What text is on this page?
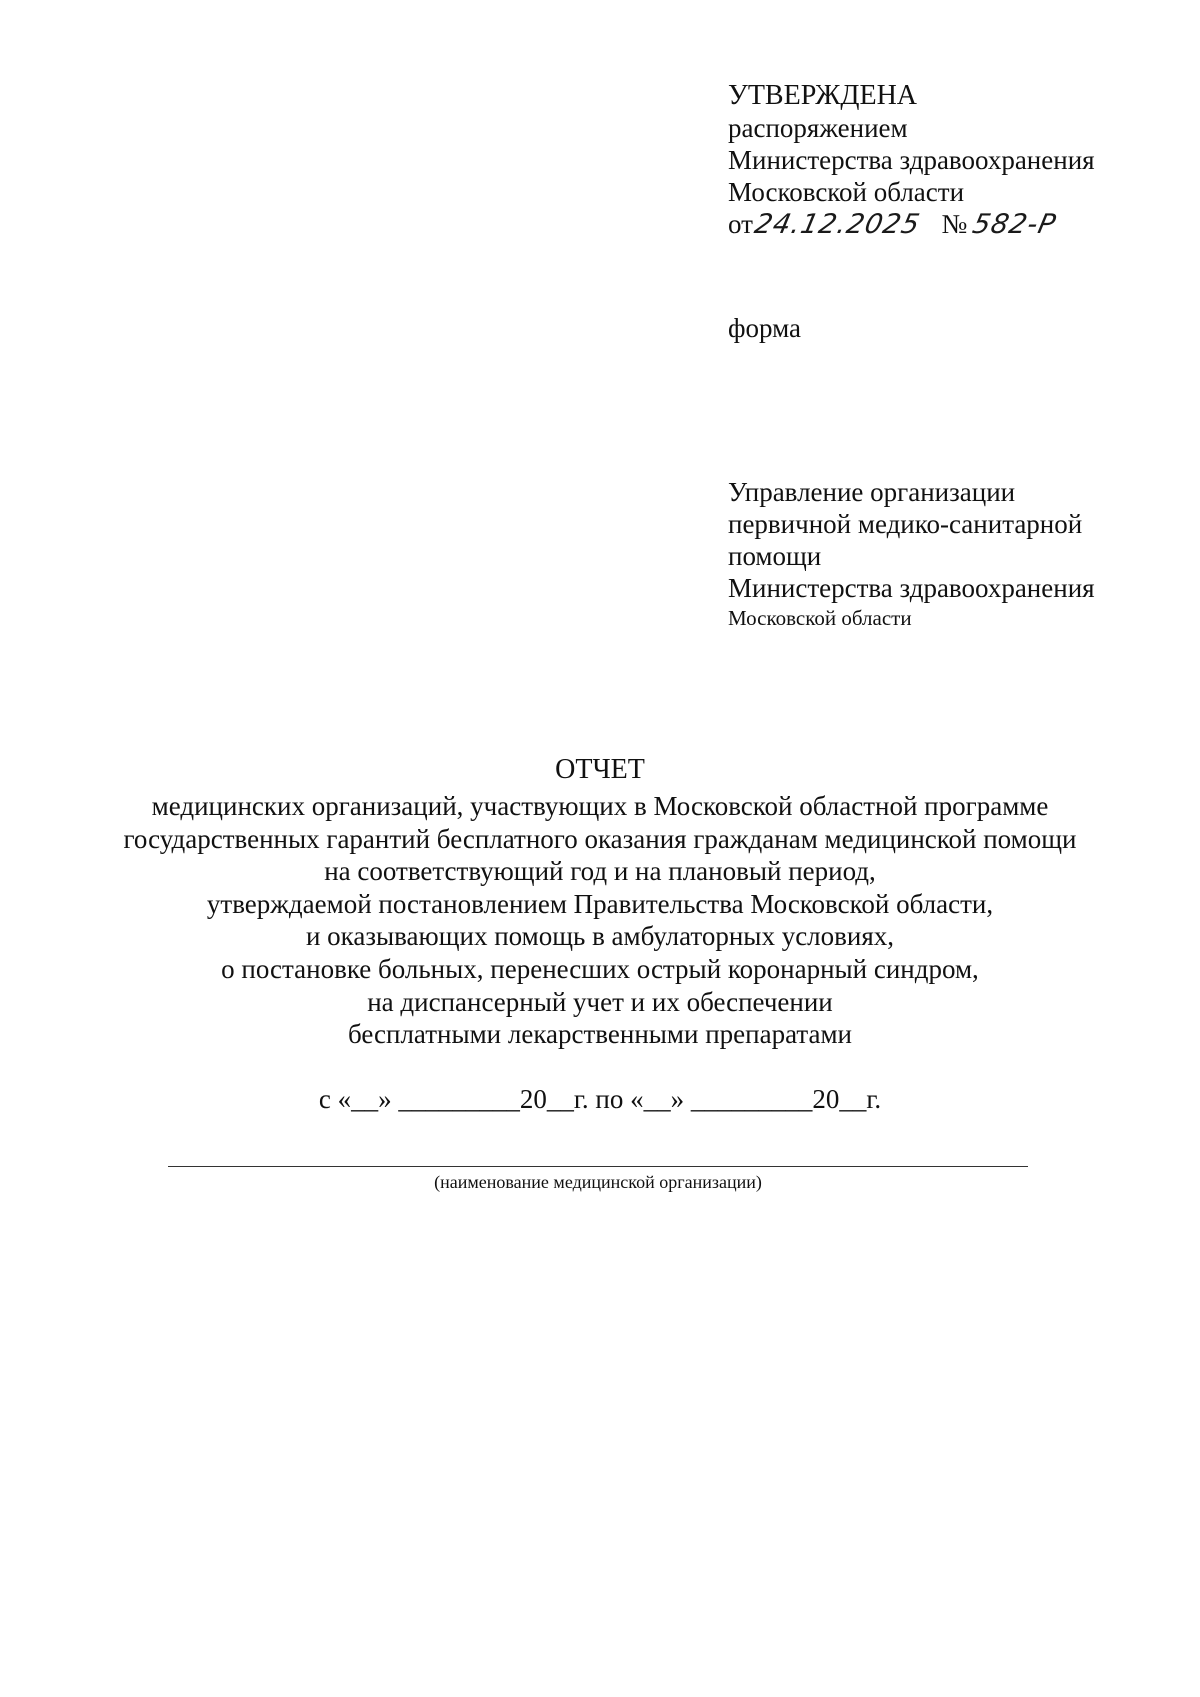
УТВЕРЖДЕНА
распоряжением
Министерства здравоохранения
Московской области
от24.12.2025 № 582-Р
форма
Управление организации
первичной медико-санитарной
помощи
Министерства здравоохранения
Московской области
ОТЧЕТ
медицинских организаций, участвующих в Московской областной программе
государственных гарантий бесплатного оказания гражданам медицинской помощи
на соответствующий год и на плановый период,
утверждаемой постановлением Правительства Московской области,
и оказывающих помощь в амбулаторных условиях,
о постановке больных, перенесших острый коронарный синдром,
на диспансерный учет и их обеспечении
бесплатными лекарственными препаратами
с «__» _________20__г. по «__» _________20__г.
(наименование медицинской организации)
